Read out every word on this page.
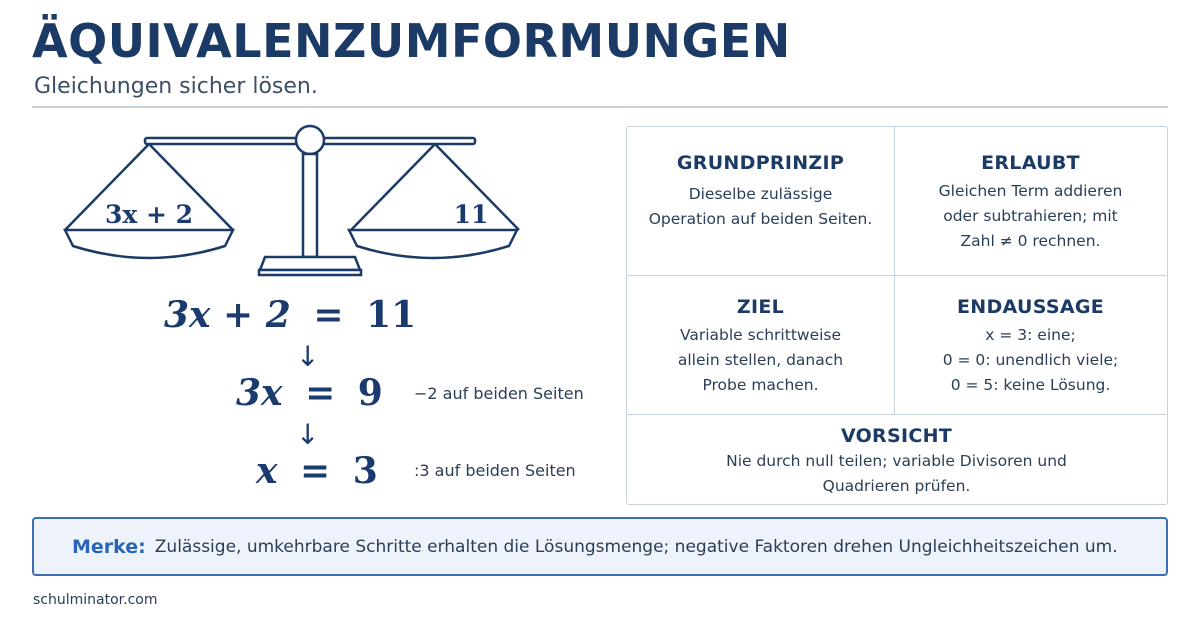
ÄQUIVALENZUMFORMUNGEN
Gleichungen sicher lösen.
3x + 2	11
3x + 2 = 11
↓
3x = 9 −2 auf beiden Seiten
↓
x = 3 :3 auf beiden Seiten
GRUNDPRINZIP

Dieselbe zulässige
Operation auf beiden Seiten.

ERLAUBT

Gleichen Term addieren
oder subtrahieren; mit
Zahl ≠ 0 rechnen.

ZIEL

Variable schrittweise
allein stellen, danach
Probe machen.

ENDAUSSAGE

x = 3: eine;
0 = 0: unendlich viele;
0 = 5: keine Lösung.

VORSICHT

Nie durch null teilen; variable Divisoren und
Quadrieren prüfen.

Merke: Zulässige, umkehrbare Schritte erhalten die Lösungsmenge; negative Faktoren drehen Ungleichheitszeichen um.
schulminator.com
